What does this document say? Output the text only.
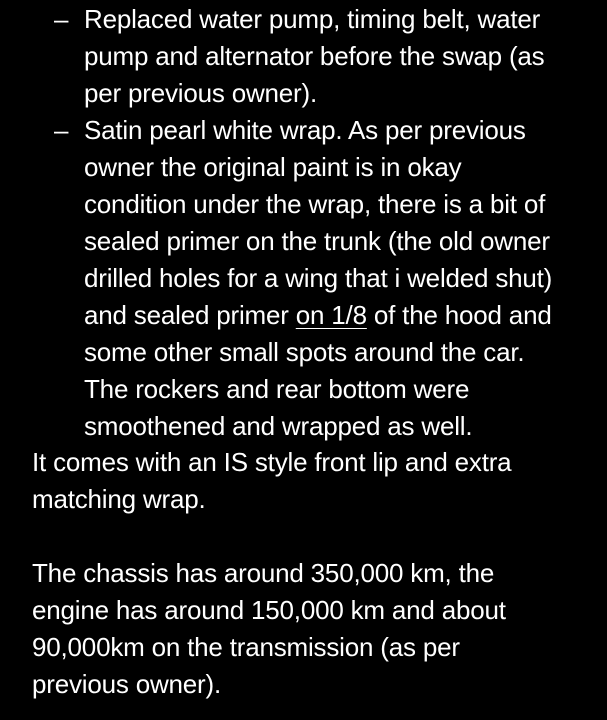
– Replaced water pump, timing belt, water
pump and alternator before the swap (as
per previous owner).
– Satin pearl white wrap. As per previous
owner the original paint is in okay
condition under the wrap, there is a bit of
sealed primer on the trunk (the old owner
drilled holes for a wing that i welded shut)
and sealed primer on 1/8 of the hood and
some other small spots around the car.
The rockers and rear bottom were
smoothened and wrapped as well.
It comes with an IS style front lip and extra
matching wrap.
The chassis has around 350,000 km, the
engine has around 150,000 km and about
90,000km on the transmission (as per
previous owner).
